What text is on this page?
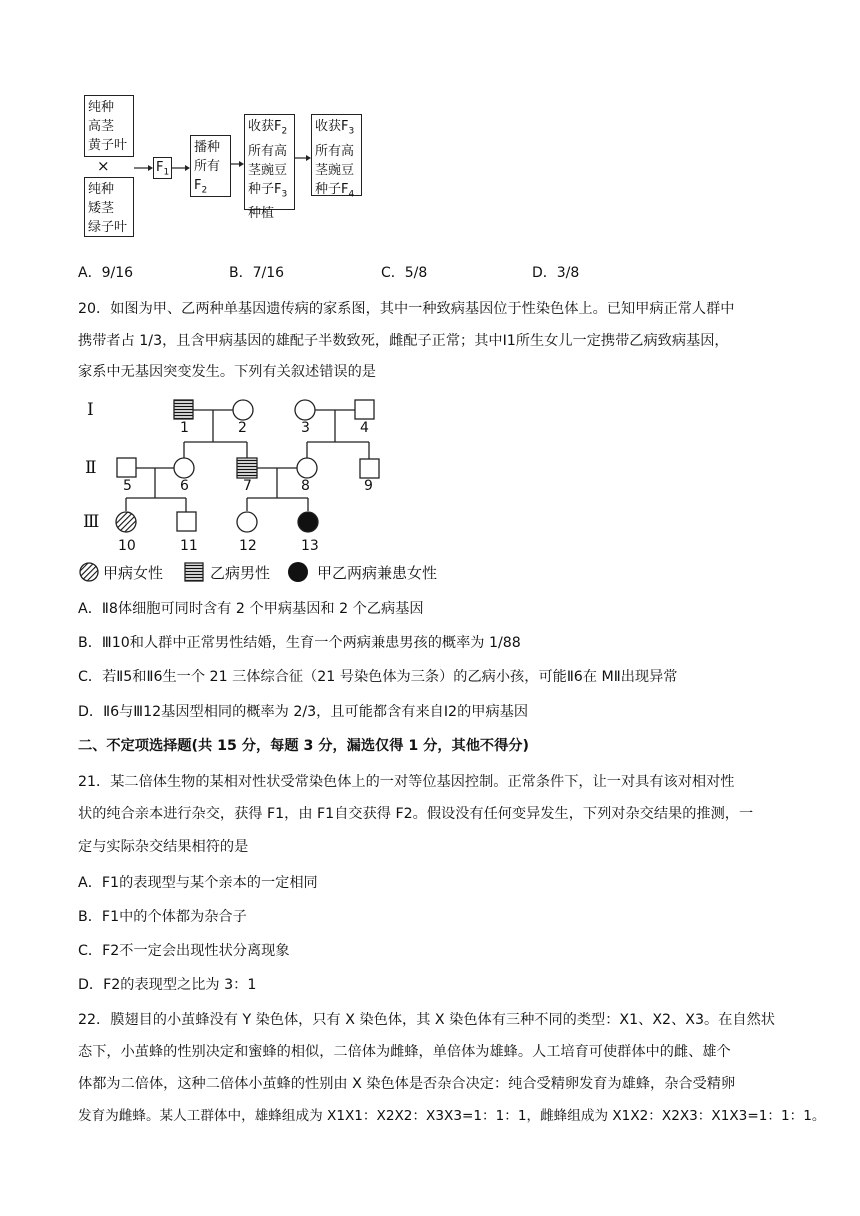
纯种
高茎
黄子叶
×
纯种
矮茎
绿子叶
$F_1$
播种
所有
$F_2$
收获$F_2$
所有高
茎豌豆
种子$F_3$
种植
收获$F_3$
所有高
茎豌豆
种子$F_4$
A．9/16	B．7/16	C．5/8	D．3/8
20．如图为甲、乙两种单基因遗传病的家系图，其中一种致病基因位于性染色体上。已知甲病正常人群中
携带者占 1/3，且含甲病基因的雄配子半数致死，雌配子正常；其中Ⅰ1所生女儿一定携带乙病致病基因，
家系中无基因突变发生。下列有关叙述错误的是
Ⅰ
Ⅱ
Ⅲ
1	2	3	4
5	6	7	8	9
10	11	12	13
甲病女性	乙病男性	甲乙两病兼患女性
A．Ⅱ8体细胞可同时含有 2 个甲病基因和 2 个乙病基因
B．Ⅲ10和人群中正常男性结婚，生育一个两病兼患男孩的概率为 1/88
C．若Ⅱ5和Ⅱ6生一个 21 三体综合征（21 号染色体为三条）的乙病小孩，可能Ⅱ6在 MⅡ出现异常
D．Ⅱ6与Ⅲ12基因型相同的概率为 2/3，且可能都含有来自Ⅰ2的甲病基因
二、不定项选择题(共 15 分，每题 3 分，漏选仅得 1 分，其他不得分)
21．某二倍体生物的某相对性状受常染色体上的一对等位基因控制。正常条件下，让一对具有该对相对性
状的纯合亲本进行杂交，获得 F1，由 F1自交获得 F2。假设没有任何变异发生，下列对杂交结果的推测，一
定与实际杂交结果相符的是
A．F1的表现型与某个亲本的一定相同
B．F1中的个体都为杂合子
C．F2不一定会出现性状分离现象
D．F2的表现型之比为 3：1
22．膜翅目的小茧蜂没有 Y 染色体，只有 X 染色体，其 X 染色体有三种不同的类型：X1、X2、X3。在自然状
态下，小茧蜂的性别决定和蜜蜂的相似，二倍体为雌蜂，单倍体为雄蜂。人工培育可使群体中的雌、雄个
体都为二倍体，这种二倍体小茧蜂的性别由 X 染色体是否杂合决定：纯合受精卵发育为雄蜂，杂合受精卵
发育为雌蜂。某人工群体中，雄蜂组成为 X1X1：X2X2：X3X3=1：1：1，雌蜂组成为 X1X2：X2X3：X1X3=1：1：1。
